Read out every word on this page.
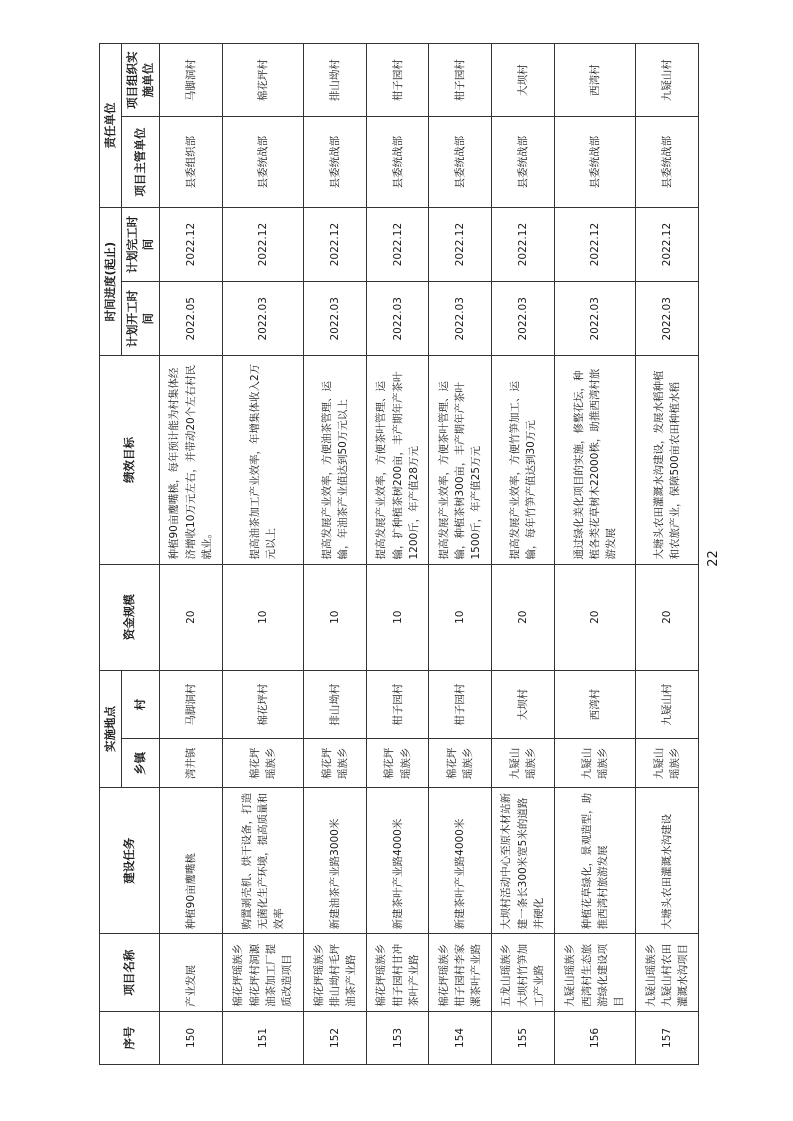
序号	项目名称	建设任务	实施地点		资金规模	绩效目标	时间进度(起止)		责任单位	
			乡镇	村			计划开工时间	计划完工时间	项目主管单位	项目组织实施单位
150	产业发展	种植90亩鹰嘴桃	湾井镇	马脚洞村	20	种植90亩鹰嘴桃，每年预计能为村集体经济增收10万元左右，并带动20个左右村民就业。	2022.05	2022.12	县委组织部	马脚洞村
151	棉花坪瑶族乡棉花坪村洞源油茶加工厂提质改造项目	购置剥壳机、烘干设备，打造无菌化生产环境，提高质量和效率	棉花坪瑶族乡	棉花坪村	10	提高油茶加工产业效率，年增集体收入2万元以上	2022.03	2022.12	县委统战部	棉花坪村
152	棉花坪瑶族乡排山坳村毛坪油茶产业路	新建油茶产业路3000米	棉花坪瑶族乡	排山坳村	10	提高发展产业效率，方便油茶管理、运输，年油茶产业值达到50万元以上	2022.03	2022.12	县委统战部	排山坳村
153	棉花坪瑶族乡柑子园村甘冲茶叶产业路	新建茶叶产业路4000米	棉花坪瑶族乡	柑子园村	10	提高发展产业效率，方便茶叶管理、运输，扩种植茶树200亩，丰产期年产茶叶1200斤，年产值28万元	2022.03	2022.12	县委统战部	柑子园村
154	棉花坪瑶族乡柑子园村李家漯茶叶产业路	新建茶叶产业路4000米	棉花坪瑶族乡	柑子园村	10	提高发展产业效率，方便茶叶管理、运输，种植茶树300亩，丰产期年产茶叶1500斤，年产值25万元	2022.03	2022.12	县委统战部	柑子园村
155	五龙山瑶族乡大坝村竹笋加工产业路	大坝村活动中心至原木材站新建一条长300米宽5米的道路并硬化	九疑山瑶族乡	大坝村	20	提高发展产业效率，方便竹笋加工、运输，每年竹笋产值达到30万元	2022.03	2022.12	县委统战部	大坝村
156	九疑山瑶族乡西湾村生态旅游绿化建设项目	种植花草绿化，景观造型，助推西湾村旅游发展	九疑山瑶族乡	西湾村	20	通过绿化美化项目的实施，修整花坛，种植各类花草树木22000株，助推西湾村旅游发展	2022.03	2022.12	县委统战部	西湾村
157	九疑山瑶族乡九疑山村农田灌溉水沟项目	大塘头农田灌溉水沟建设	九疑山瑶族乡	九疑山村	20	大塘头农田灌溉水沟建设，发展水稻种植和农旅产业，保障500亩农田种植水稻	2022.03	2022.12	县委统战部	九疑山村
22
